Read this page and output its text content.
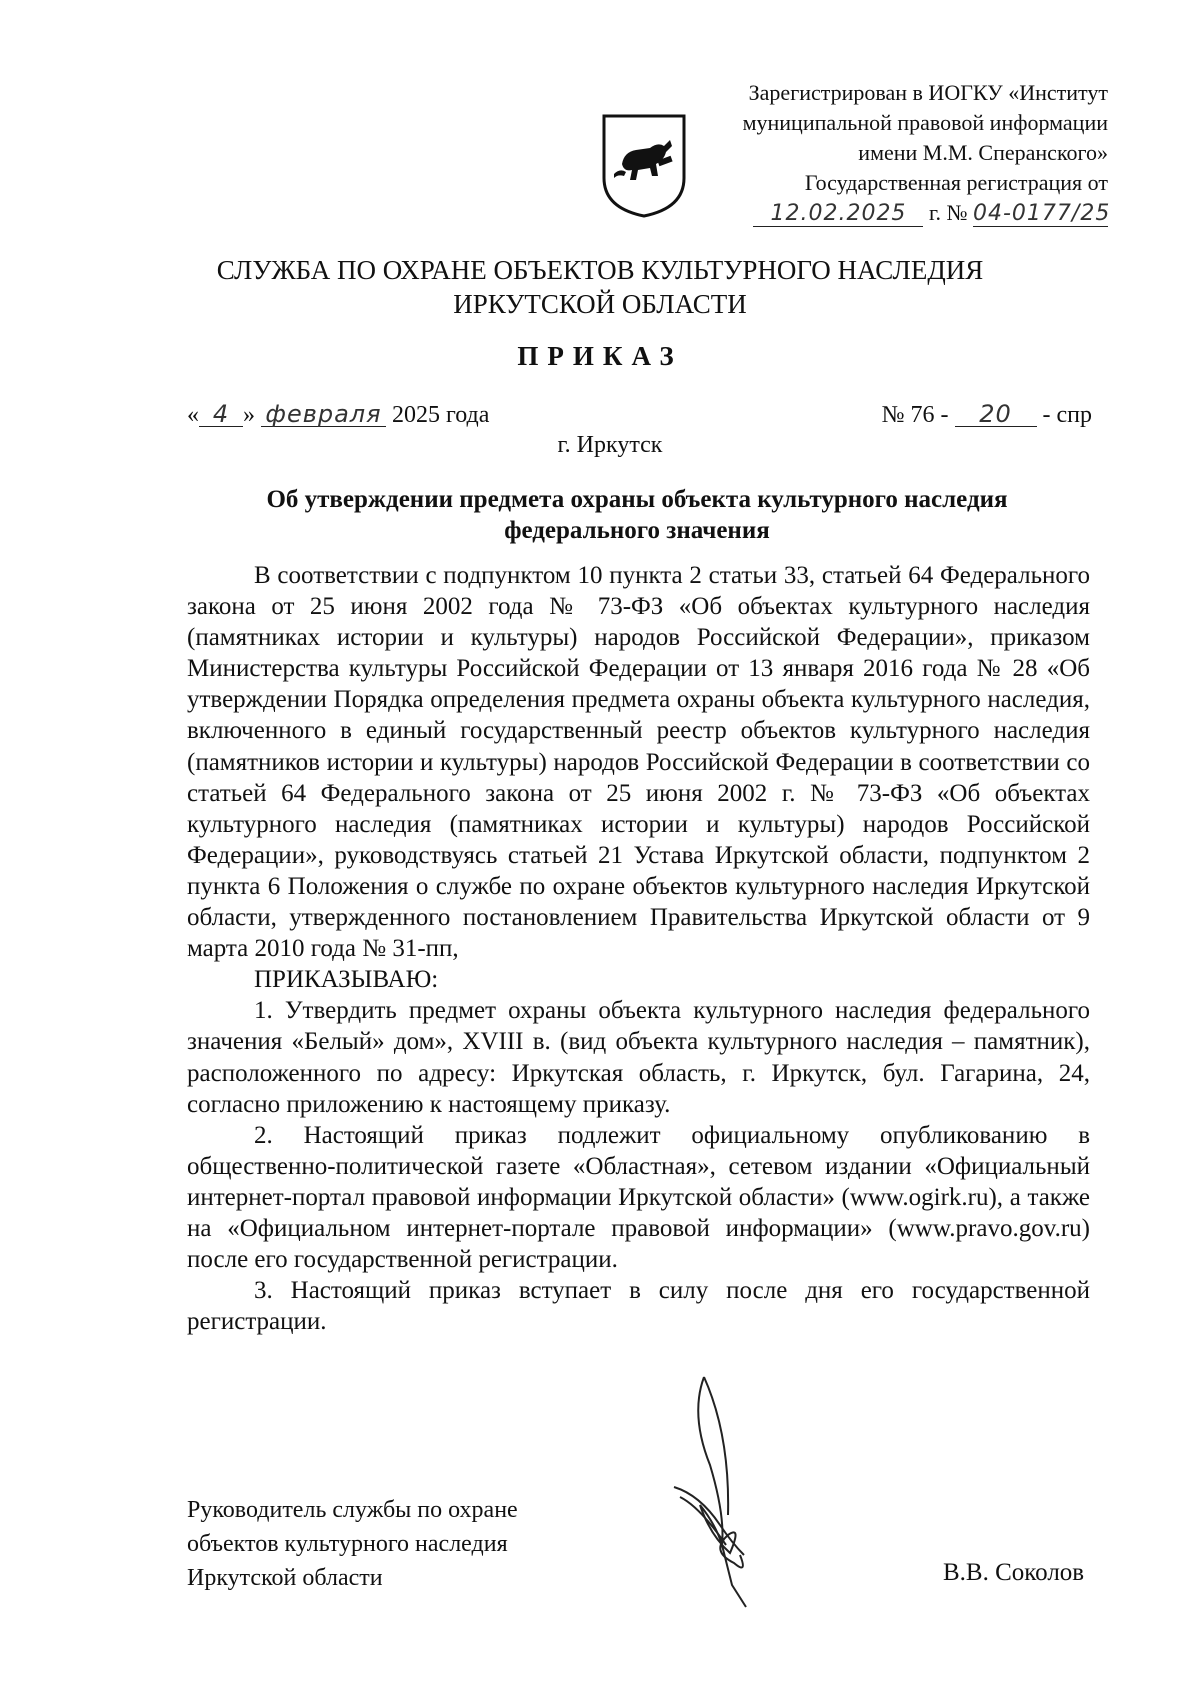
Зарегистрирован в ИОГКУ «Институт
муниципальной правовой информации
имени М.М. Сперанского»
Государственная регистрация от
12.02.2025 г. № 04-0177/25
СЛУЖБА ПО ОХРАНЕ ОБЪЕКТОВ КУЛЬТУРНОГО НАСЛЕДИЯ
ИРКУТСКОЙ ОБЛАСТИ
ПРИКАЗ
« 4 » февраля 2025 года	№ 76 - 20 - спр
г. Иркутск
Об утверждении предмета охраны объекта культурного наследия
федерального значения

В соответствии с подпунктом 10 пункта 2 статьи 33, статьей 64 Федерального закона от 25 июня 2002 года № 73-ФЗ «Об объектах культурного наследия (памятниках истории и культуры) народов Российской Федерации», приказом Министерства культуры Российской Федерации от 13 января 2016 года № 28 «Об утверждении Порядка определения предмета охраны объекта культурного наследия, включенного в единый государственный реестр объектов культурного наследия (памятников истории и культуры) народов Российской Федерации в соответствии со статьей 64 Федерального закона от 25 июня 2002 г. № 73-ФЗ «Об объектах культурного наследия (памятниках истории и культуры) народов Российской Федерации», руководствуясь статьей 21 Устава Иркутской области, подпунктом 2 пункта 6 Положения о службе по охране объектов культурного наследия Иркутской области, утвержденного постановлением Правительства Иркутской области от 9 марта 2010 года № 31-пп,

ПРИКАЗЫВАЮ:

1. Утвердить предмет охраны объекта культурного наследия федерального значения «Белый» дом», XVIII в. (вид объекта культурного наследия – памятник), расположенного по адресу: Иркутская область, г. Иркутск, бул. Гагарина, 24, согласно приложению к настоящему приказу.

2. Настоящий приказ подлежит официальному опубликованию в общественно-политической газете «Областная», сетевом издании «Официальный интернет-портал правовой информации Иркутской области» (www.ogirk.ru), а также на «Официальном интернет-портале правовой информации» (www.pravo.gov.ru) после его государственной регистрации.

3. Настоящий приказ вступает в силу после дня его государственной регистрации.

Руководитель службы по охране
объектов культурного наследия
Иркутской области	В.В. Соколов
